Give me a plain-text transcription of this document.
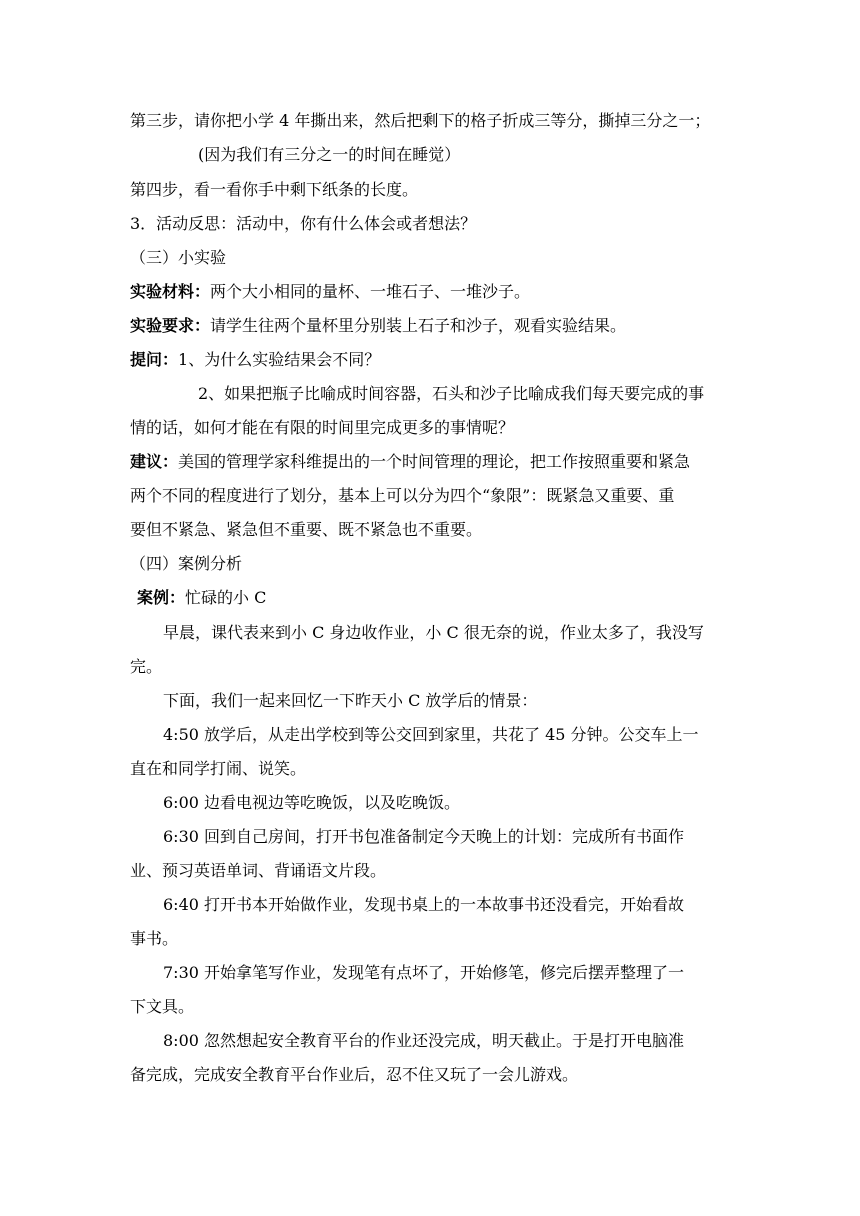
第三步，请你把小学 4 年撕出来，然后把剩下的格子折成三等分，撕掉三分之一；
(因为我们有三分之一的时间在睡觉）
第四步，看一看你手中剩下纸条的长度。
3．活动反思：活动中，你有什么体会或者想法？
（三）小实验
实验材料：两个大小相同的量杯、一堆石子、一堆沙子。
实验要求：请学生往两个量杯里分别装上石子和沙子，观看实验结果。
提问：1、为什么实验结果会不同？
2、如果把瓶子比喻成时间容器，石头和沙子比喻成我们每天要完成的事
情的话，如何才能在有限的时间里完成更多的事情呢？
建议：美国的管理学家科维提出的一个时间管理的理论，把工作按照重要和紧急
两个不同的程度进行了划分，基本上可以分为四个“象限”：既紧急又重要、重
要但不紧急、紧急但不重要、既不紧急也不重要。
（四）案例分析
案例：忙碌的小 C
早晨，课代表来到小 C 身边收作业，小 C 很无奈的说，作业太多了，我没写
完。
下面，我们一起来回忆一下昨天小 C 放学后的情景：
4:50 放学后，从走出学校到等公交回到家里，共花了 45 分钟。公交车上一
直在和同学打闹、说笑。
6:00 边看电视边等吃晚饭，以及吃晚饭。
6:30 回到自己房间，打开书包准备制定今天晚上的计划：完成所有书面作
业、预习英语单词、背诵语文片段。
6:40 打开书本开始做作业，发现书桌上的一本故事书还没看完，开始看故
事书。
7:30 开始拿笔写作业，发现笔有点坏了，开始修笔，修完后摆弄整理了一
下文具。
8:00 忽然想起安全教育平台的作业还没完成，明天截止。于是打开电脑准
备完成，完成安全教育平台作业后，忍不住又玩了一会儿游戏。
